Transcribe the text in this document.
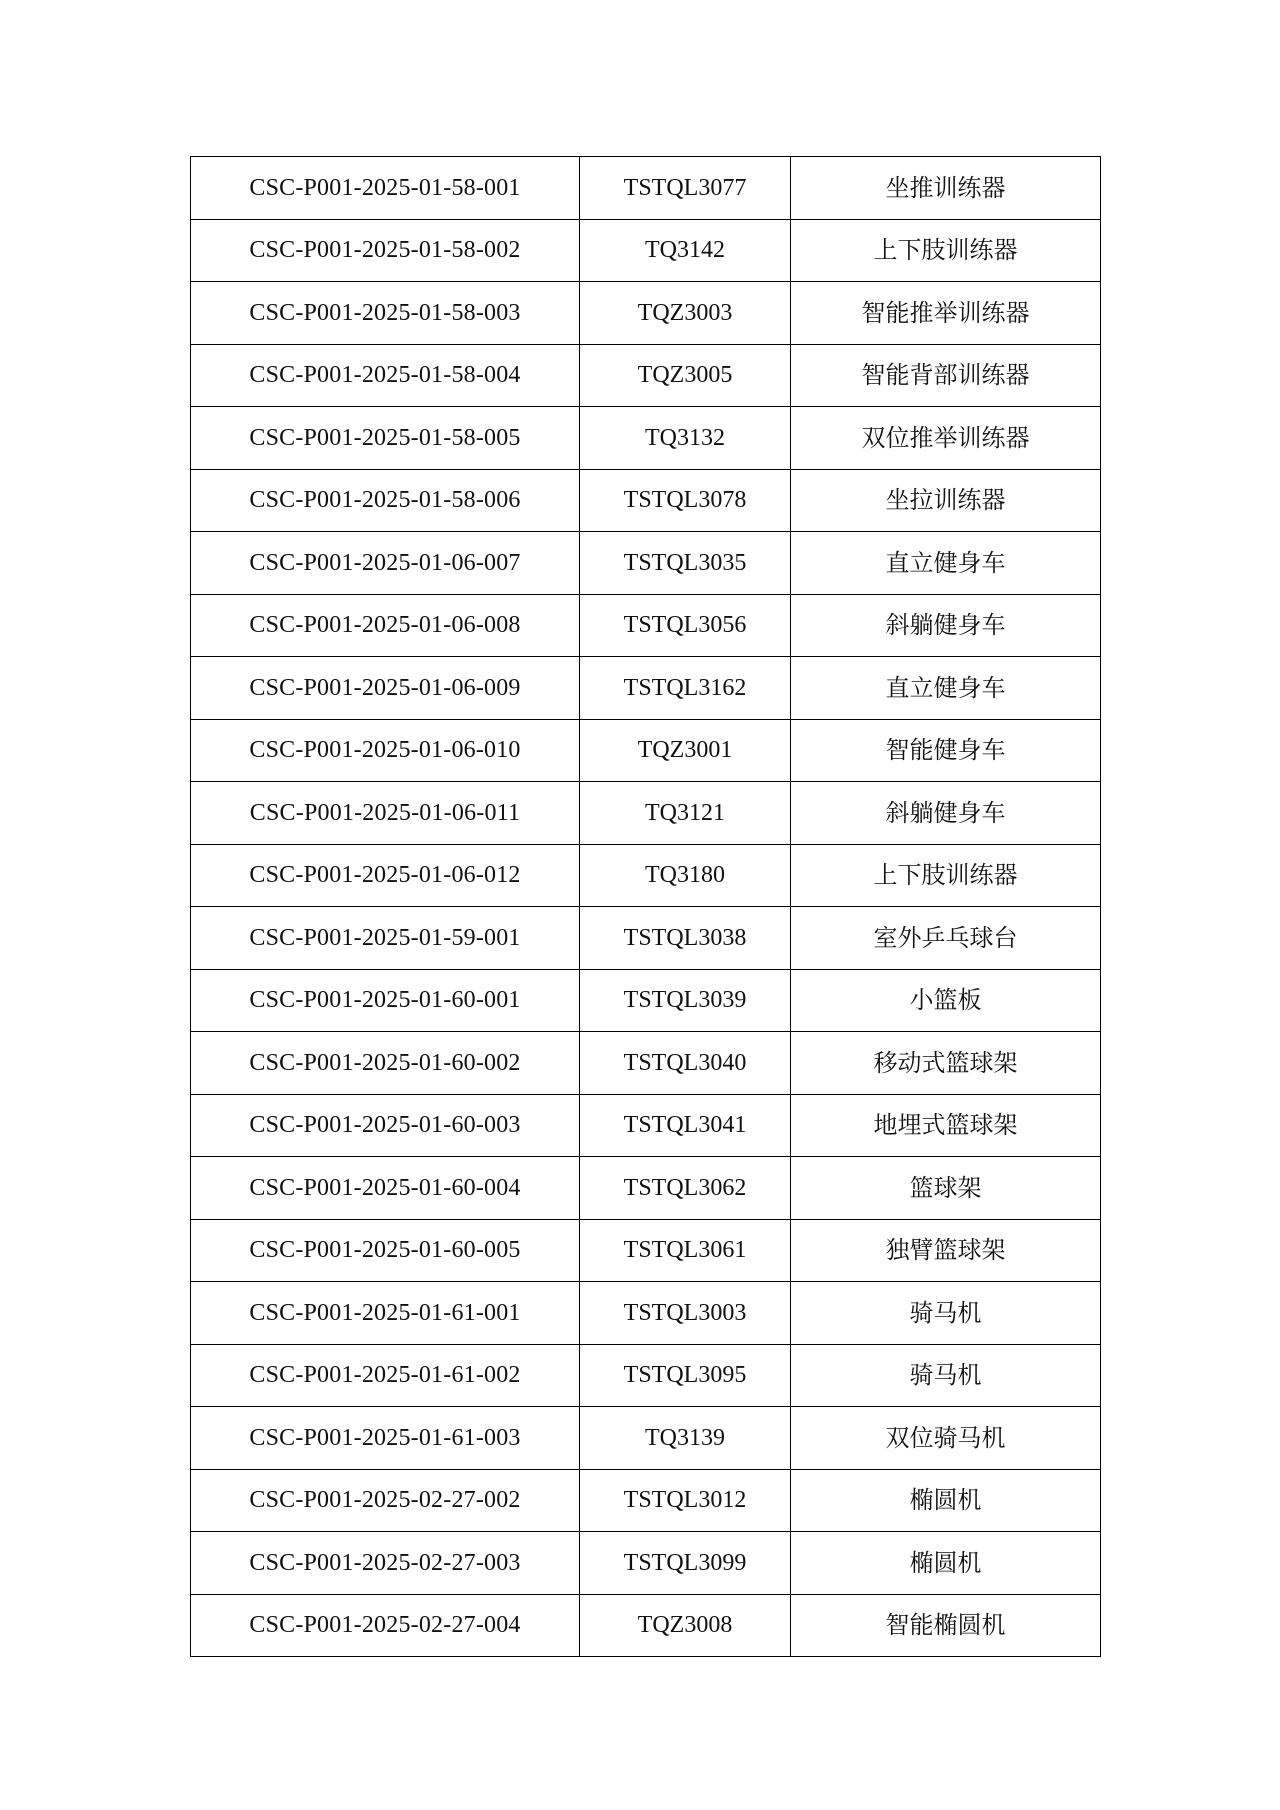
CSC-P001-2025-01-58-001	TSTQL3077	坐推训练器
CSC-P001-2025-01-58-002	TQ3142	上下肢训练器
CSC-P001-2025-01-58-003	TQZ3003	智能推举训练器
CSC-P001-2025-01-58-004	TQZ3005	智能背部训练器
CSC-P001-2025-01-58-005	TQ3132	双位推举训练器
CSC-P001-2025-01-58-006	TSTQL3078	坐拉训练器
CSC-P001-2025-01-06-007	TSTQL3035	直立健身车
CSC-P001-2025-01-06-008	TSTQL3056	斜躺健身车
CSC-P001-2025-01-06-009	TSTQL3162	直立健身车
CSC-P001-2025-01-06-010	TQZ3001	智能健身车
CSC-P001-2025-01-06-011	TQ3121	斜躺健身车
CSC-P001-2025-01-06-012	TQ3180	上下肢训练器
CSC-P001-2025-01-59-001	TSTQL3038	室外乒乓球台
CSC-P001-2025-01-60-001	TSTQL3039	小篮板
CSC-P001-2025-01-60-002	TSTQL3040	移动式篮球架
CSC-P001-2025-01-60-003	TSTQL3041	地埋式篮球架
CSC-P001-2025-01-60-004	TSTQL3062	篮球架
CSC-P001-2025-01-60-005	TSTQL3061	独臂篮球架
CSC-P001-2025-01-61-001	TSTQL3003	骑马机
CSC-P001-2025-01-61-002	TSTQL3095	骑马机
CSC-P001-2025-01-61-003	TQ3139	双位骑马机
CSC-P001-2025-02-27-002	TSTQL3012	椭圆机
CSC-P001-2025-02-27-003	TSTQL3099	椭圆机
CSC-P001-2025-02-27-004	TQZ3008	智能椭圆机
